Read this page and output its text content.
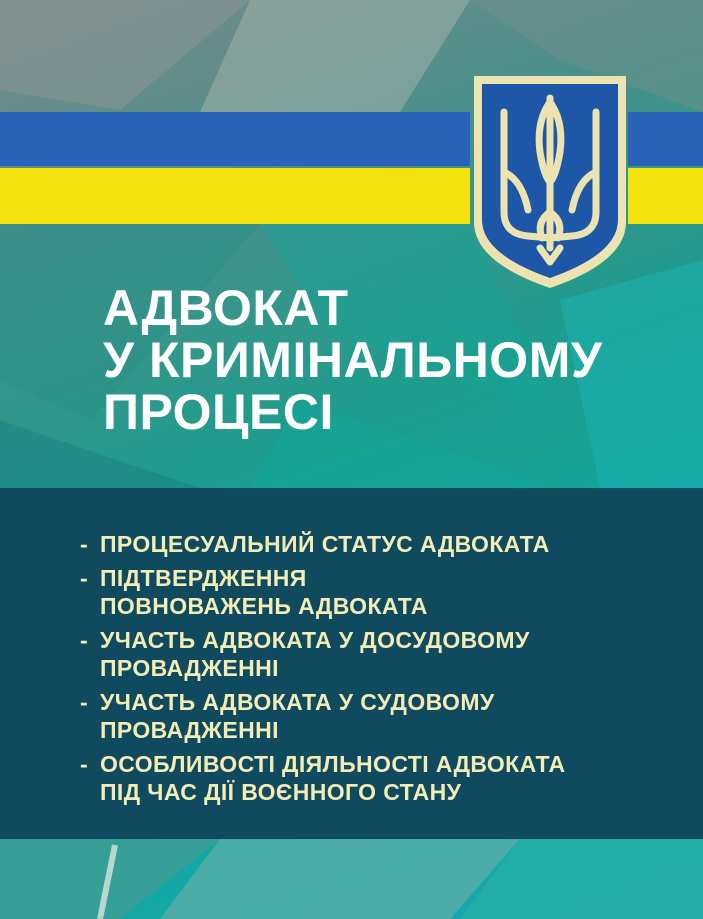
АДВОКАТ
У КРИМІНАЛЬНОМУ
ПРОЦЕСІ
- ПРОЦЕСУАЛЬНИЙ СТАТУС АДВОКАТА
- ПІДТВЕРДЖЕННЯ
ПОВНОВАЖЕНЬ АДВОКАТА
- УЧАСТЬ АДВОКАТА У ДОСУДОВОМУ
ПРОВАДЖЕННІ
- УЧАСТЬ АДВОКАТА У СУДОВОМУ
ПРОВАДЖЕННІ
- ОСОБЛИВОСТІ ДІЯЛЬНОСТІ АДВОКАТА
ПІД ЧАС ДІЇ ВОЄННОГО СТАНУ
